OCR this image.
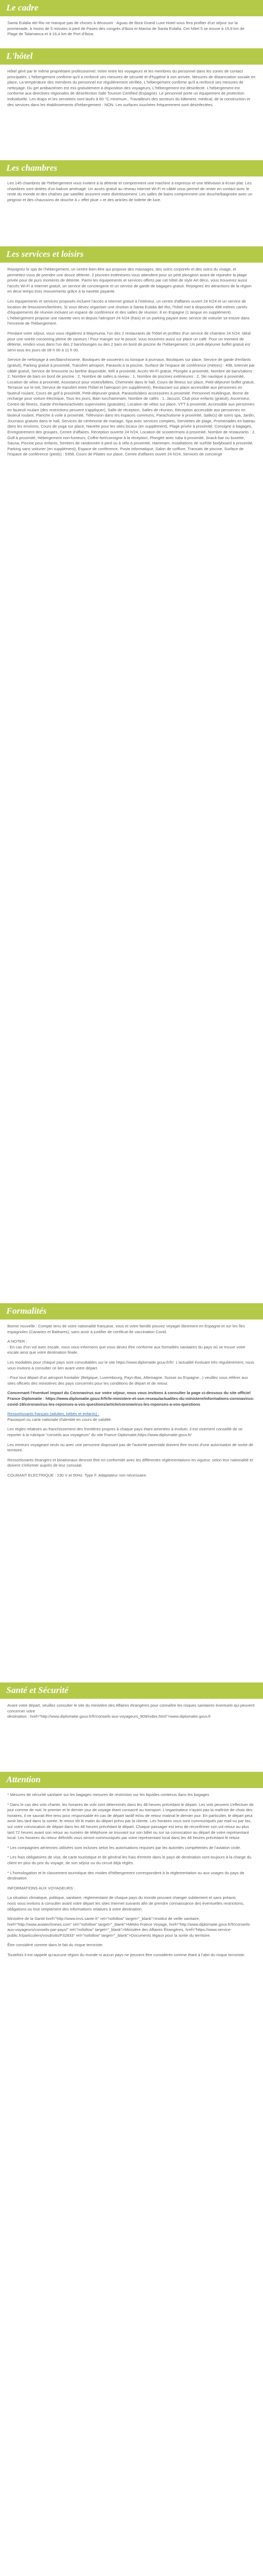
Le cadre

Santa Eulalia del Rio ne manque pas de choses à découvrir : Aguas de Ibiza Grand Luxe Hotel vous fera profiter d'un séjour sur la promenade, à moins de 5 minutes à pied de Paseo des congrès d'Ibiza et Marina de Santa Eulalia. Cet hôtel 5 se trouve à 15,9 km de Plage de Talamanca et à 16,4 km de Port d'Ibiza.

L'hôtel

Hôtel géré par le même propriétaire professionnel. Votre entre les voyageurs et les membres du personnel dans les zones de contact principales. L'hébergement confirme qu'il a renforcé ses mesures de sécurité et d'hygiène à son arrivée. Mesures de distanciation sociale en place, La température des membres du personnel est régulièrement vérifiée, L'hébergement confirme qu'il a renforcé ses mesures de nettoyage. Du gel antibactérien est mis gratuitement à disposition des voyageurs, L'hébergement est désinfecté. L'hébergement est conforme aux directives régionales de désinfection Safe Tourism Certified (Espagne). Le personnel porte un équipement de protection individuelle. Les draps et les serviettes sont lavés à 60 °C minimum., Travailleurs des secteurs du bâtiment, médical, de la construction et des services dans les établissements d'hébergement - NON. Les surfaces touchées fréquemment sont désinfectées.

Les chambres

Les 145 chambres de l'hébergement vous invitent à la détente et comprennent une machine à expresso et une télévision à écran plat. Les chambres sont dotées d'un balcon aménagé. Un accès gratuit au réseau Internet Wi-Fi et câblé vous permet de rester en contact avec le reste du monde et des chaînes par satellite assurent votre divertissement. Les salles de bains comprennent une douche/baignoire avec un peignoir et des chaussons de douche à « effet pluie » et des articles de toilette de luxe.

Les services et loisirs

Rejoignez le spa de l'hébergement, un centre bien-être qui propose des massages, des soins corporels et des soins du visage, et permettez-vous de prendre une douce détente. 2 piscines extérieures vous attendent pour un petit plongeon avant de rejoindre la plage privée pour de purs moments de détente. Parmi les équipements et services offerts par cet hôtel de style Art déco, vous trouverez aussi l'accès Wi-Fi à Internet gratuit, un service de conciergerie et un service de garde de bagages gratuit. Rejoignez les attractions de la région en deux temps trois mouvements grâce à la navette payante.

Les équipements et services proposés incluent l'accès à Internet gratuit à l'intérieur, un centre d'affaires ouvert 24 h/24 et un service de location de limousines/berlines. Si vous devez organiser une réunion à Santa Eulalia del Rio, l'hôtel met à disposition 498 mètres carrés d'équipements de réunion incluant un espace de conférence et des salles de réunion. 8 en Espagne (1 langue en supplément). L'hébergement propose une navette vers et depuis l'aéroport 24 h/24 (frais) et un parking payant avec service de voiturier se trouve dans l'enceinte de l'hébergement.

Pendant votre séjour, vous vous régalerez à Maymunia, l'un des 2 restaurants de l'hôtel et profitez d'un service de chambre 24 h/24. Idéal pour une soirée cocooning pleine de saveurs ! Pour manger sur le pouce, vous trouverez aussi sur place un café. Pour un moment de détente, rendez-vous dans l'un des 2 bars/lounges ou des 2 bars en bord de piscine de l'hébergement. Un petit-déjeuner buffet gratuit est servi tous les jours de 08 h 00 à 11 h 00.

Service de nettoyage à sec/blanchisserie, Boutiques de souvenirs ou kiosque à journaux, Boutiques sur place, Service de garde d'enfants (gratuit), Parking gratuit à proximité, Transfert aéroport, Parasols à la piscine, Surface de l'espace de conférence (mètres) : 498, Internet par câble gratuit, Service de limousine ou berline disponible, Wifi à proximité, Accès Wi-Fi gratuit, Plongée à proximité, Nombre de bars/salons : 2, Nombre de bars en bord de piscine : 2, Nombre de salles à niveau : 1, Nombre de piscines extérieures : 2, Ski nautique à proximité, Location de vélos à proximité, Assistance pour visites/billets, Cheminée dans le hall, Cours de fitness sur place, Petit-déjeuner buffet gratuit, Terrasse sur le toit, Service de transfert entre l'hôtel et l'aéroport (en supplément), Restaurant sur place accessible aux personnes en fauteuil roulant, Cours de golf à proximité, Petit-déjeuner gratuit, Parasols/abris accessoires à proximité. Personnel multilingue, Borne de recharge pour voiture électrique, Tous les jours, Bain turc/hammam, Nombre de cafés : 1, Jacuzzi, Club pour enfants (gratuit), Ascenseur, Centre de fitness, Garde d'enfants/activités supervisées (gratuites), Location de vélos sur place, VTT à proximité, Accessible aux personnes en fauteuil roulant (des restrictions peuvent s'appliquer), Salle de réception, Salles de réunion, Réception accessible aux personnes en fauteuil roulant, Planche à voile à proximité, Télévision dans les espaces communs, Parachutisme à proximité, Salle(s) de soins spa, Jardin, Journaux gratuits dans le hall, Services de cérémonie de mariage, Spa avec services complets, Serviettes de plage, Promenades en bateau dans les environs, Cours de yoga sur place, Navette pour les sites locaux (en supplément), Plage privée à proximité, Consigne à bagages, Enregistrement des groupes, Centre d'affaires, Réception ouverte 24 h/24, Location de scooter/moto à proximité, Nombre de restaurants : 2, Golf à proximité, Hébergement non-fumeurs, Coffre-fort/consigne à la réception, Plongée avec tuba à proximité, Snack-bar ou buvette, Sauna, Piscine pour enfants, Sentiers de randonnée à pied ou à vélo à proximité, Hammam, Installations de surf/de bodyboard à proximité, Parking sans voiturier (en supplément), Espace de conférence, Poste informatique, Salon de coiffure, Transats de piscine, Surface de l'espace de conférence (pieds) : 5358, Cours de Pilates sur place, Centre d'affaires ouvert 24 h/24, Services de concierge

Formalités

Bonne nouvelle : Compte tenu de votre nationalité française, vous et votre famille pouvez voyager librement en Espagne et sur les îles espagnoles (Canaries et Baléares), sans avoir à justifier de certificat de vaccination Covid.

A NOTER :

- En cas d'un vol avec escale, nous vous informons que vous devez être conforme aux formalités sanitaires du pays où se trouve votre escale ainsi que votre destination finale.

Les modalités pour chaque pays sont consultables sur le site https://www.diplomatie.gouv.fr/fr/. L'actualité évoluant très régulièrement, nous vous invitons à consulter ce lien avant votre départ.

- Pour tout départ d'un aéroport frontalier (Belgique, Luxembourg, Pays-Bas, Allemagne, Suisse ou Espagne...) veuillez vous référer aux sites officiels des ministères des pays concernés pour les conditions de départ et de retour.

Concernant l'éventuel impact du Coronavirus sur votre séjour, nous vous invitons à consulter la page ci-dessous du site officiel France Diplomatie : https://www.diplomatie.gouv.fr/fr/le-ministere-et-son-reseau/actualites-du-ministere/informations-coronavirus-covid-19/coronavirus-les-reponses-a-vos-questions/article/coronavirus-les-reponses-a-vos-questions

Ressortissants français (adultes, bébés et enfants) :

Passeport ou carte nationale d'identité en cours de validité.

Les règles relatives au franchissement des frontières propres à chaque pays étant amenées à évoluer, il est vivement conseillé de se reporter à la rubrique "conseils aux voyageurs" du site France Diplomatie,https://www.diplomatie.gouv.fr/

Les mineurs voyageant seuls ou avec une personne disposant pas de l'autorité parentale doivent être munis d'une autorisation de sortie de territoire.

Ressortissants étrangers et binationaux devront être en conformité avec les différentes réglementations en vigueur, selon leur nationalité et doivent s'informer auprès de leur consulat.

COURANT ELECTRIQUE : 230 V et 50Hz. Type F. Adaptateur non nécessaire.

Santé et Sécurité

Avant votre départ, veuillez consulter le site du ministère des Affaires étrangères pour connaître les risques sanitaires éventuels qui peuvent concerner votre

destination : href="http://www.diplomatie.gouv.fr/fr/conseils-aux-voyageurs_909/index.html">www.diplomatie.gouv.fr

Attention

* Mesures de sécurité sanitaire sur les bagages mesures de restriction sur les liquides contenus dans les bagages

* Dans le cas des vols charter, les horaires de vols sont déterminés dans les 48 heures précédant le départ. Les vols peuvent s'effectuer de jour comme de nuit, le premier et le dernier jour de voyage étant consacré au transport. L'organisateur n'ayant pas la maîtrise de choix des horaires, il ne saurait être tenu pour responsable en cas de départ tardif et/ou de retour matinal le dernier jour. En particulier, le départ peut avoir lieu tard dans la soirée, le retour tôt le matin du départ prévu par la cliente. Les horaires vous sont communiqués par mail ou par fax, sur votre convocation de départ dans les 48 heures précédant le départ. Chaque passager est tenu de reconfirmer son vol retour au plus tard 72 heures avant son retour au numéro de téléphone se trouvant sur son billet ou sur sa convocation au départ de votre représentant local. Les horaires du retour définitifs vous seront communiqués par votre représentant local dans les 48 heures précédant le retour.

* Les compagnies aériennes utilisées sont incluses selon les autorisations requises par les autorités compétentes de l'aviation civile.

* Les frais obligatoires de visa, de carte touristique et de général les frais d'entrée dans le pays de destination sont toujours à la charge du client en plus du prix du voyage, de son séjour ou du circuit déjà réglés.

* L'homologation et le classement touristique des modes d'hébergement correspondent à la réglementation ou aux usages du pays de destination.

INFORMATIONS AUX VOYAGEURS :

La situation climatique, politique, sanitaire, réglementaire de chaque pays du monde pouvant changer subitement et sans préavis

nous vous invitons à consulter avant votre départ les sites Internet suivants afin de prendre connaissance des éventuelles restrictions, obligations ou tout simplement des informations relatives à votre destination.

Ministère de la Santé href="http://www.invs.sante.fr" rel="nofollow" target="_blank">Institut de veille sanitaire, href="http://www.aviatechnews.com" rel="nofollow" target="_blank">Météo France Voyage, href="http://www.diplomatie.gouv.fr/fr/conseils-aux-voyageurs/conseils-par-pays/" rel="nofollow" target="_blank">Ministère des Affaires Étrangères, href="https://www.service-public.fr/particuliers/vosdroits/F32833" rel="nofollow" target="_blank">Documents légaux pour la sortie du territoire.

Être considéré comme dans le fait du risque terroriste.

Toutefois il est rappelé qu'aucune région du monde ni aucun pays ne peuvent être considérés comme étant à l'abri du risque terroriste.
